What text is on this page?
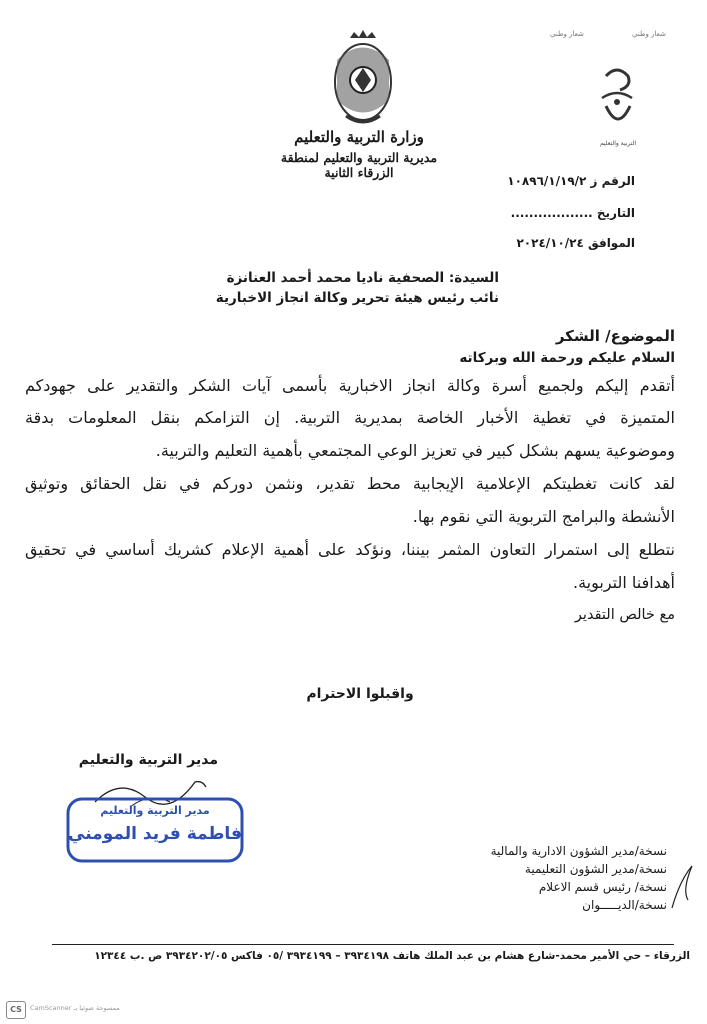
شعار وطني	شعار وطني
وزارة التربية والتعليم
مديرية التربية والتعليم لمنطقة الزرقاء الثانية
التربية والتعليم
الرقم ز ١٠٨٩٦/١/١٩/٢
التاريخ ..................
الموافق ٢٠٢٤/١٠/٢٤
السيدة: الصحفية ناديا محمد أحمد العنانزة
نائب رئيس هيئة تحرير وكالة انجاز الاخبارية
الموضوع/ الشكر
السلام عليكم ورحمة الله وبركاته
أتقدم إليكم ولجميع أسرة وكالة انجاز الاخبارية بأسمى آيات الشكر والتقدير على جهودكم
المتميزة في تغطية الأخبار الخاصة بمديرية التربية. إن التزامكم بنقل المعلومات بدقة
وموضوعية يسهم بشكل كبير في تعزيز الوعي المجتمعي بأهمية التعليم والتربية.
لقد كانت تغطيتكم الإعلامية الإيجابية محط تقدير، ونثمن دوركم في نقل الحقائق وتوثيق
الأنشطة والبرامج التربوية التي نقوم بها.
نتطلع إلى استمرار التعاون المثمر بيننا، ونؤكد على أهمية الإعلام كشريك أساسي في تحقيق
أهدافنا التربوية.
مع خالص التقدير
واقبلوا الاحترام
مدير التربية والتعليم
مدير التربية والتعليم
فاطمة فريد المومني
نسخة/مدير الشؤون الادارية والمالية
نسخة/مدير الشؤون التعليمية
نسخة/ رئيس قسم الاعلام
نسخة/الديـــــوان
الزرقاء – حي الأمير محمد-شارع هشام بن عبد الملك هاتف ٣٩٣٤١٩٨ – ٣٩٣٤١٩٩ /٠٥ فاكس ٣٩٣٤٢٠٢/٠٥ ص .ب ١٢٣٤٤
CS	CamScanner ممسوحة ضوئيا بـ
